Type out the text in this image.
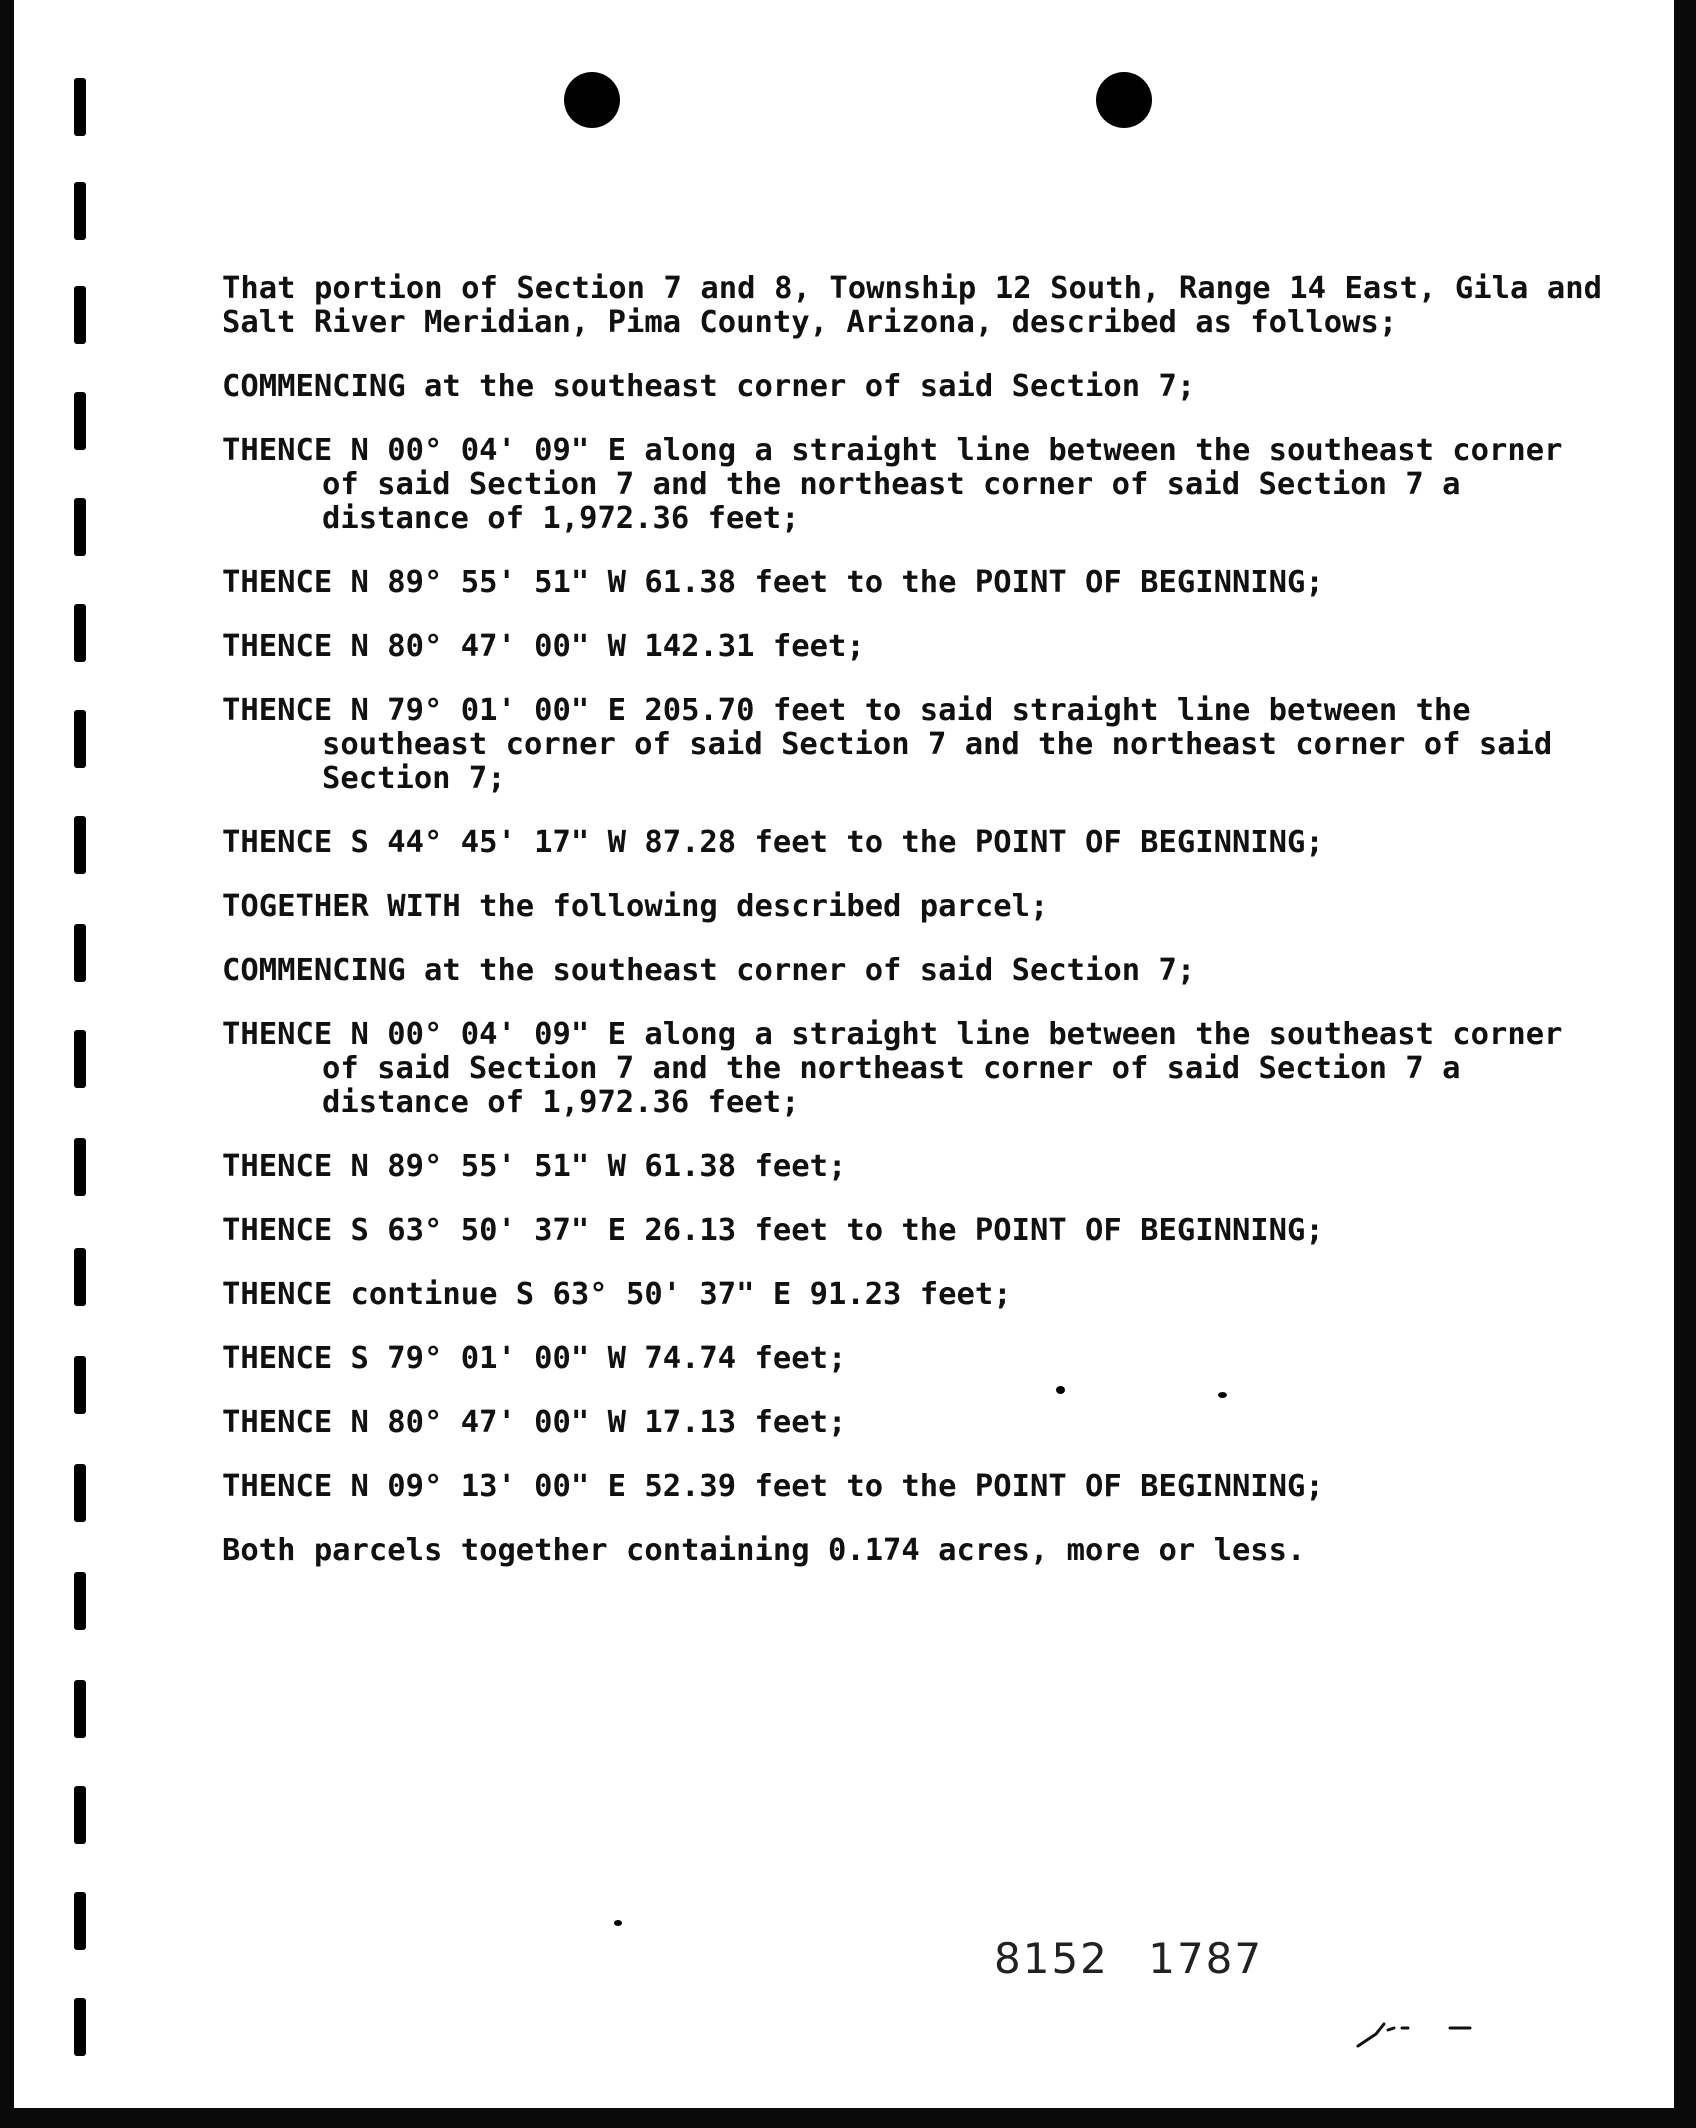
That portion of Section 7 and 8, Township 12 South, Range 14 East, Gila and Salt River Meridian, Pima County, Arizona, described as follows;

COMMENCING at the southeast corner of said Section 7;

THENCE N 00° 04' 09" E along a straight line between the southeast corner of said Section 7 and the northeast corner of said Section 7 a distance of 1,972.36 feet;

THENCE N 89° 55' 51" W 61.38 feet to the POINT OF BEGINNING;

THENCE N 80° 47' 00" W 142.31 feet;

THENCE N 79° 01' 00" E 205.70 feet to said straight line between the southeast corner of said Section 7 and the northeast corner of said Section 7;

THENCE S 44° 45' 17" W 87.28 feet to the POINT OF BEGINNING;

TOGETHER WITH the following described parcel;

COMMENCING at the southeast corner of said Section 7;

THENCE N 00° 04' 09" E along a straight line between the southeast corner of said Section 7 and the northeast corner of said Section 7 a distance of 1,972.36 feet;

THENCE N 89° 55' 51" W 61.38 feet;

THENCE S 63° 50' 37" E 26.13 feet to the POINT OF BEGINNING;

THENCE continue S 63° 50' 37" E 91.23 feet;

THENCE S 79° 01' 00" W 74.74 feet;

THENCE N 80° 47' 00" W 17.13 feet;

THENCE N 09° 13' 00" E 52.39 feet to the POINT OF BEGINNING;

Both parcels together containing 0.174 acres, more or less.

8152 1787
